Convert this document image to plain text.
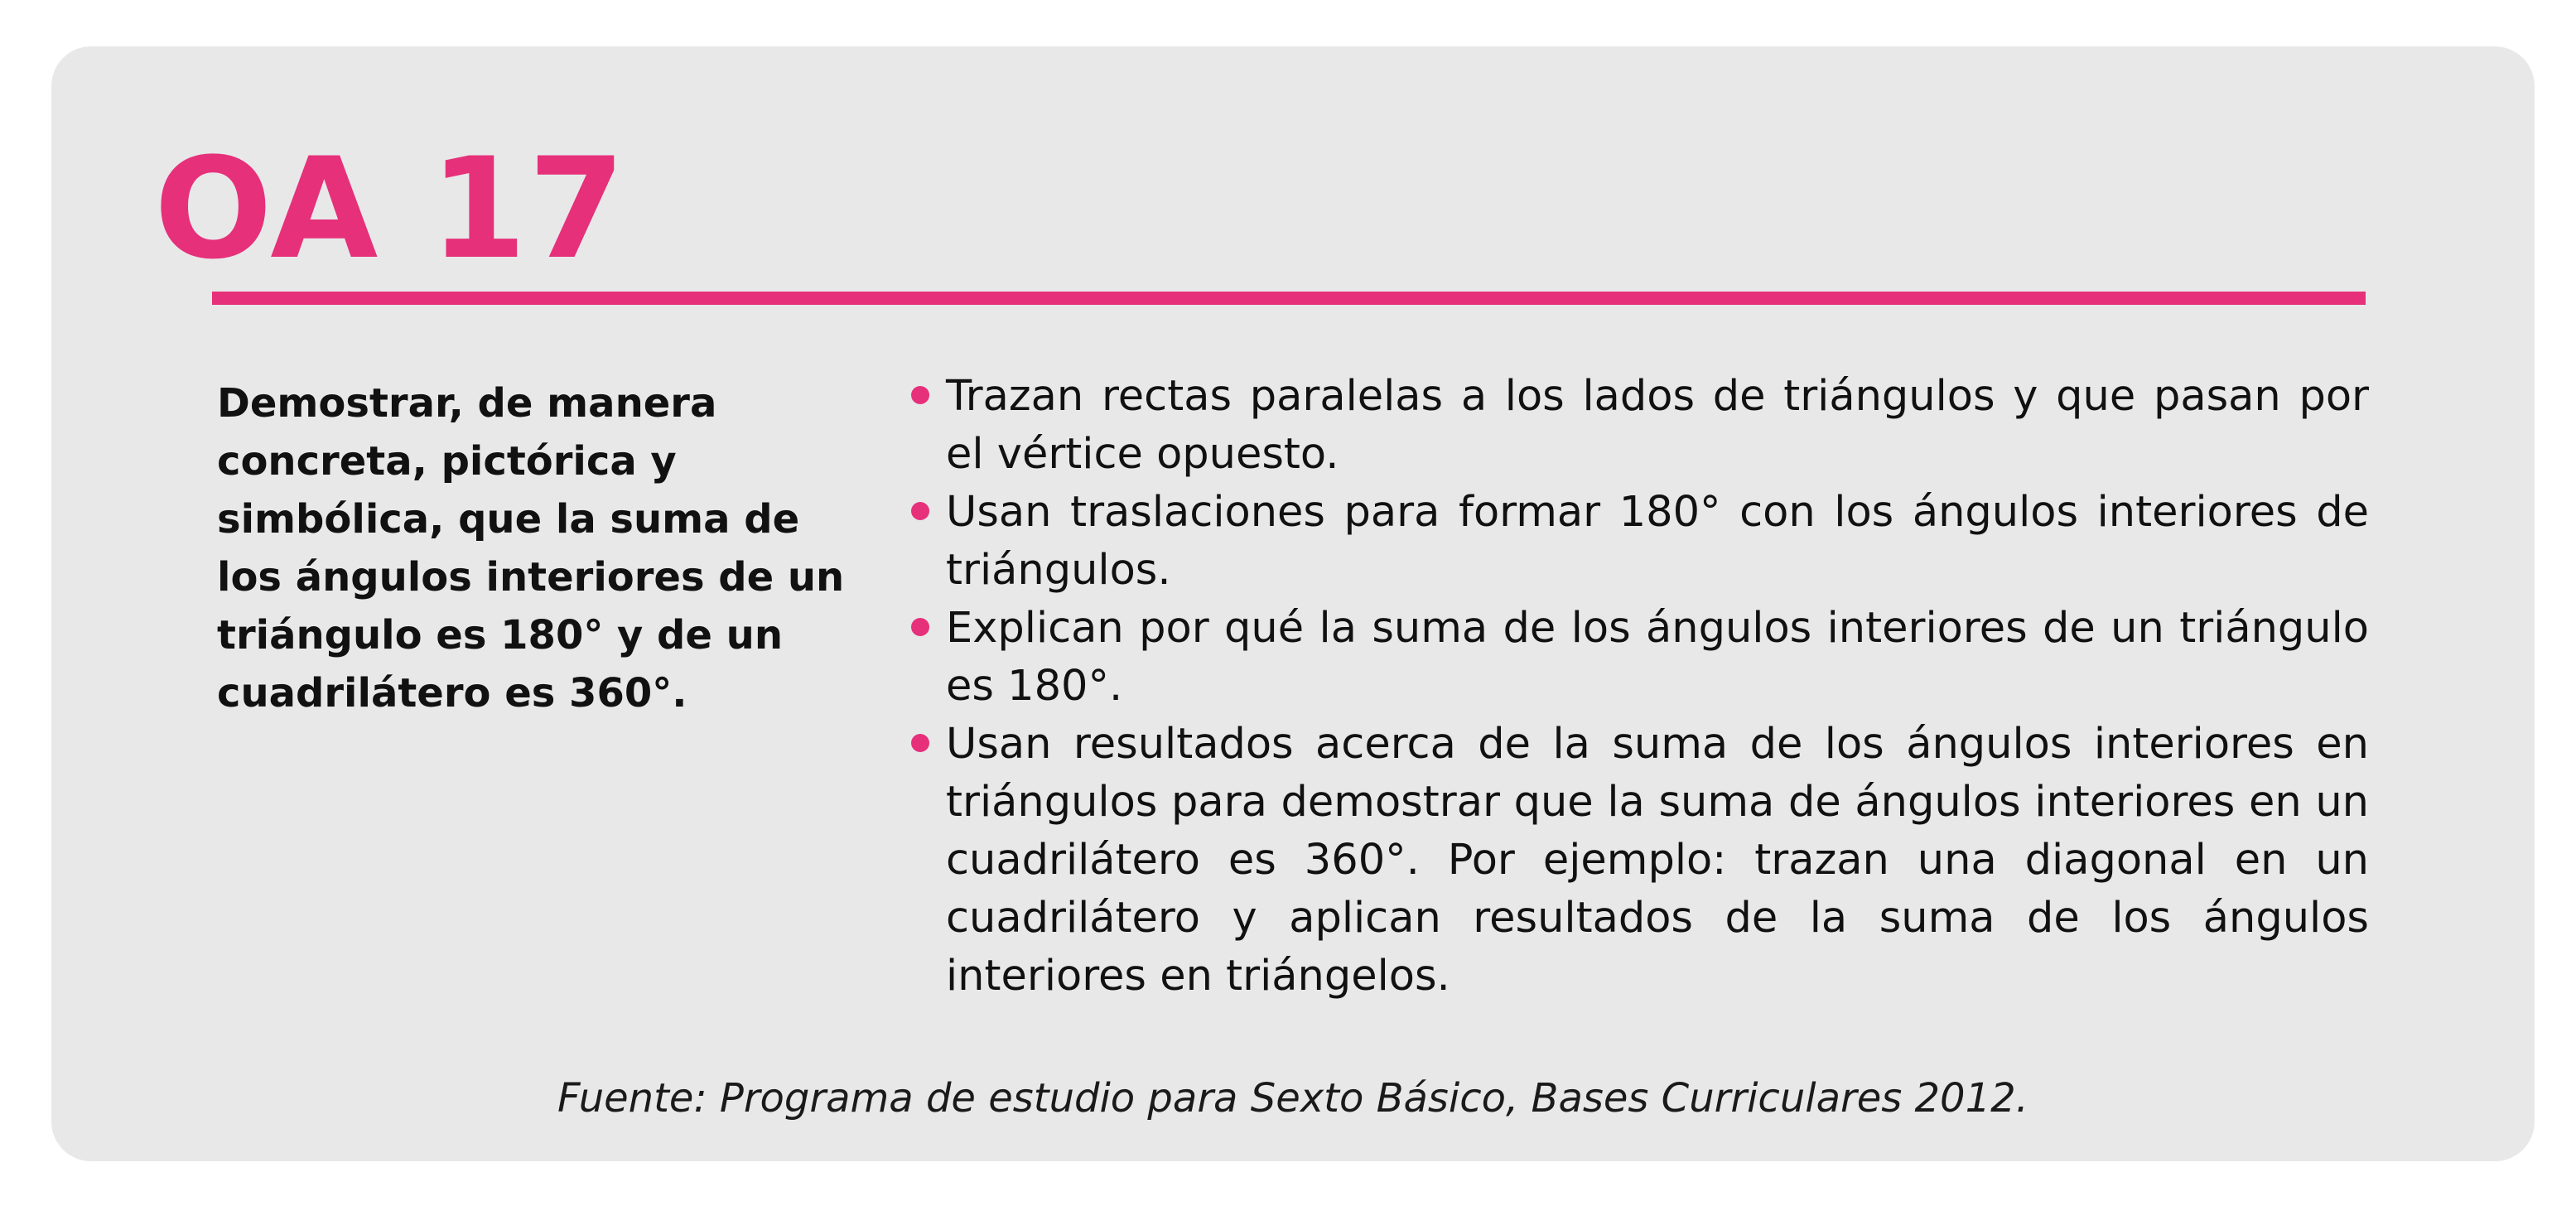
OA 17

Demostrar, de manera concreta, pictórica y simbólica, que la suma de los ángulos interiores de un triángulo es 180° y de un cuadrilátero es 360°.

Trazan rectas paralelas a los lados de triángulos y que pasan por el vértice opuesto.
Usan traslaciones para formar 180° con los ángulos interiores de triángulos.
Explican por qué la suma de los ángulos interiores de un triángulo es 180°.
Usan resultados acerca de la suma de los ángulos interiores en triángulos para demostrar que la suma de ángulos interiores en un cuadrilátero es 360°. Por ejemplo: trazan una diagonal en un cuadrilátero y aplican resultados de la suma de los ángulos interiores en triángelos.

Fuente: Programa de estudio para Sexto Básico, Bases Curriculares 2012.
